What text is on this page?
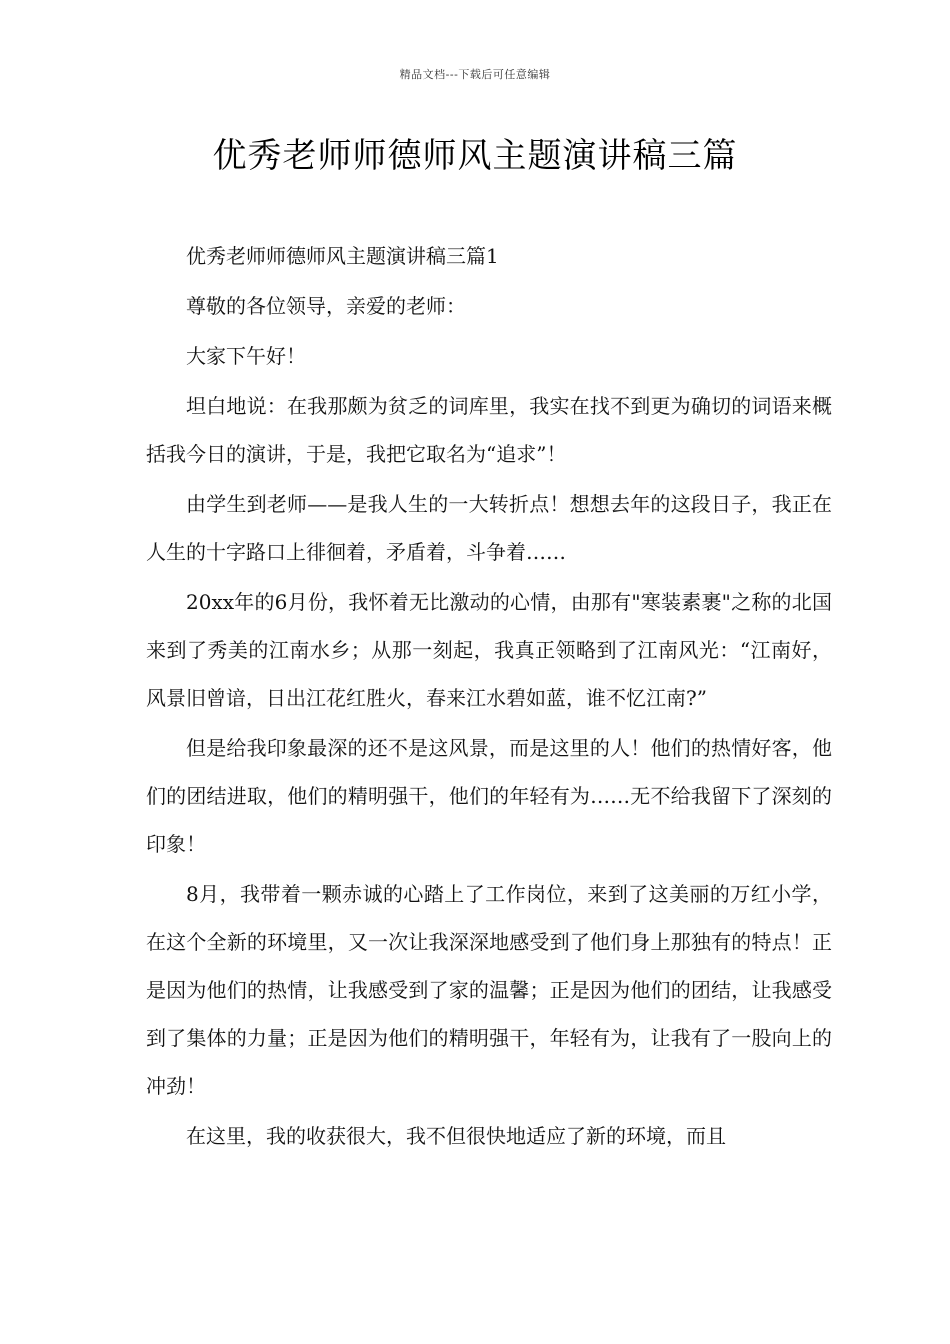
精品文档---下载后可任意编辑
优秀老师师德师风主题演讲稿三篇

优秀老师师德师风主题演讲稿三篇1

尊敬的各位领导，亲爱的老师：

大家下午好！

坦白地说：在我那颇为贫乏的词库里，我实在找不到更为确切的词语来概括我今日的演讲，于是，我把它取名为“追求”！

由学生到老师——是我人生的一大转折点！想想去年的这段日子，我正在人生的十字路口上徘徊着，矛盾着，斗争着……

20xx年的6月份，我怀着无比激动的心情，由那有"寒装素裹"之称的北国来到了秀美的江南水乡；从那一刻起，我真正领略到了江南风光：“江南好，风景旧曾谙，日出江花红胜火，春来江水碧如蓝，谁不忆江南?”

但是给我印象最深的还不是这风景，而是这里的人！他们的热情好客，他们的团结进取，他们的精明强干，他们的年轻有为……无不给我留下了深刻的印象！

8月，我带着一颗赤诚的心踏上了工作岗位，来到了这美丽的万红小学，在这个全新的环境里，又一次让我深深地感受到了他们身上那独有的特点！正是因为他们的热情，让我感受到了家的温馨；正是因为他们的团结，让我感受到了集体的力量；正是因为他们的精明强干，年轻有为，让我有了一股向上的冲劲！

在这里，我的收获很大，我不但很快地适应了新的环境，而且
